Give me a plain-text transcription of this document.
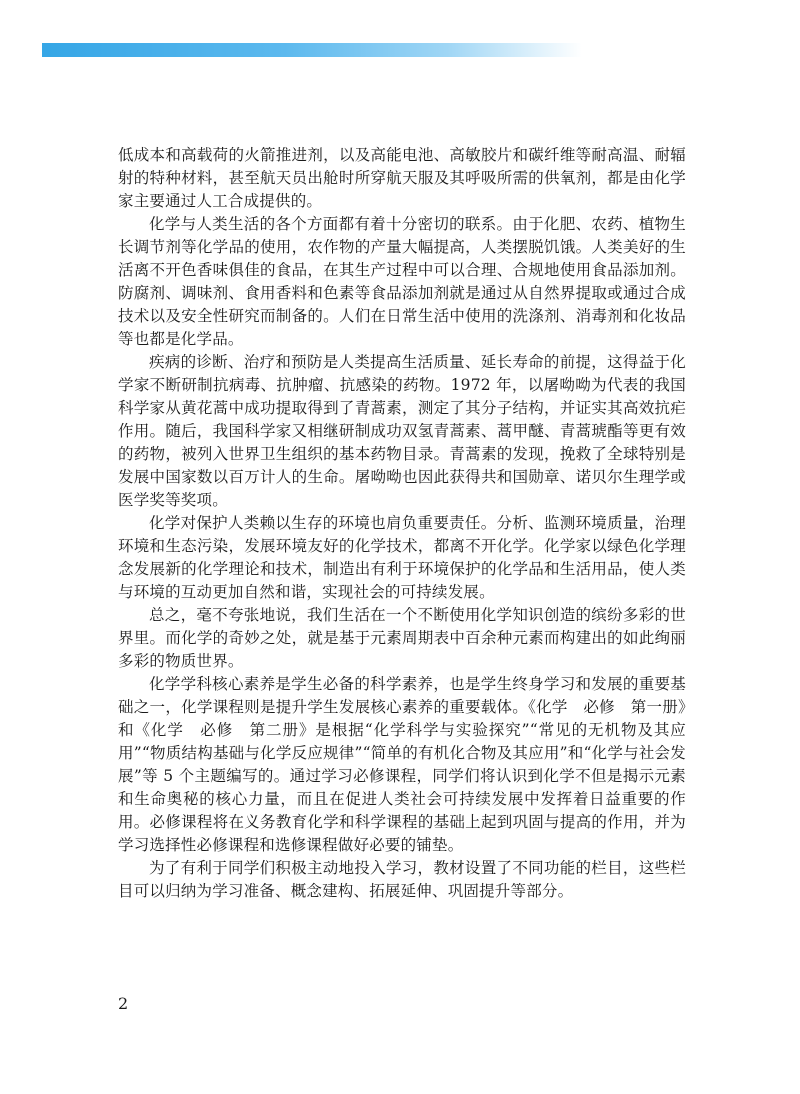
低成本和高载荷的火箭推进剂，以及高能电池、高敏胶片和碳纤维等耐高温、耐辐射的特种材料，甚至航天员出舱时所穿航天服及其呼吸所需的供氧剂，都是由化学家主要通过人工合成提供的。

化学与人类生活的各个方面都有着十分密切的联系。由于化肥、农药、植物生长调节剂等化学品的使用，农作物的产量大幅提高，人类摆脱饥饿。人类美好的生活离不开色香味俱佳的食品，在其生产过程中可以合理、合规地使用食品添加剂。防腐剂、调味剂、食用香料和色素等食品添加剂就是通过从自然界提取或通过合成技术以及安全性研究而制备的。人们在日常生活中使用的洗涤剂、消毒剂和化妆品等也都是化学品。

疾病的诊断、治疗和预防是人类提高生活质量、延长寿命的前提，这得益于化学家不断研制抗病毒、抗肿瘤、抗感染的药物。1972 年，以屠呦呦为代表的我国科学家从黄花蒿中成功提取得到了青蒿素，测定了其分子结构，并证实其高效抗疟作用。随后，我国科学家又相继研制成功双氢青蒿素、蒿甲醚、青蒿琥酯等更有效的药物，被列入世界卫生组织的基本药物目录。青蒿素的发现，挽救了全球特别是发展中国家数以百万计人的生命。屠呦呦也因此获得共和国勋章、诺贝尔生理学或医学奖等奖项。

化学对保护人类赖以生存的环境也肩负重要责任。分析、监测环境质量，治理环境和生态污染，发展环境友好的化学技术，都离不开化学。化学家以绿色化学理念发展新的化学理论和技术，制造出有利于环境保护的化学品和生活用品，使人类与环境的互动更加自然和谐，实现社会的可持续发展。

总之，毫不夸张地说，我们生活在一个不断使用化学知识创造的缤纷多彩的世界里。而化学的奇妙之处，就是基于元素周期表中百余种元素而构建出的如此绚丽多彩的物质世界。

化学学科核心素养是学生必备的科学素养，也是学生终身学习和发展的重要基础之一，化学课程则是提升学生发展核心素养的重要载体。《化学　必修　第一册》和《化学　必修　第二册》是根据“化学科学与实验探究”“常见的无机物及其应用”“物质结构基础与化学反应规律”“简单的有机化合物及其应用”和“化学与社会发展”等 5 个主题编写的。通过学习必修课程，同学们将认识到化学不但是揭示元素和生命奥秘的核心力量，而且在促进人类社会可持续发展中发挥着日益重要的作用。必修课程将在义务教育化学和科学课程的基础上起到巩固与提高的作用，并为学习选择性必修课程和选修课程做好必要的铺垫。

为了有利于同学们积极主动地投入学习，教材设置了不同功能的栏目，这些栏目可以归纳为学习准备、概念建构、拓展延伸、巩固提升等部分。

2
